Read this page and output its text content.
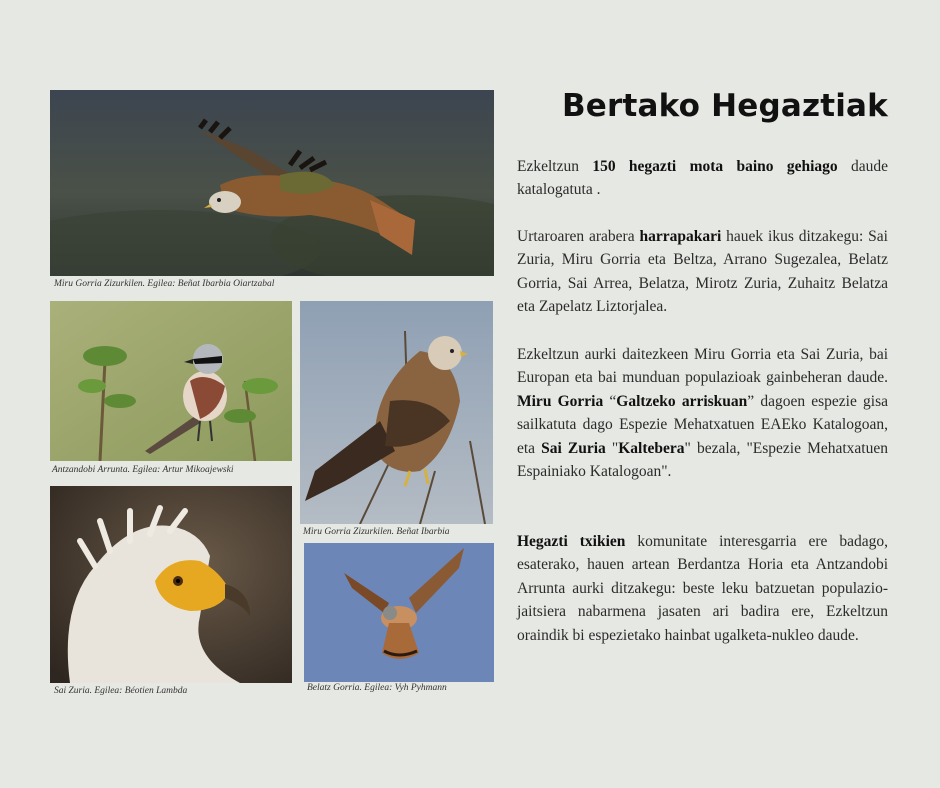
Miru Gorria Zizurkilen. Egilea: Beñat Ibarbia Oiartzabal
Antzandobi Arrunta. Egilea: Artur Mikoajewski
Miru Gorria Zizurkilen. Beñat Ibarbia
Sai Zuria. Egilea: Béotien Lambda	Belatz Gorria. Egilea: Vyh Pyhmann
Bertako Hegaztiak

Ezkeltzun 150 hegazti mota baino gehiago daude katalogatuta .

Urtaroaren arabera harrapakari hauek ikus ditzakegu: Sai Zuria, Miru Gorria eta Beltza, Arrano Sugezalea, Belatz Gorria, Sai Arrea, Belatza, Mirotz Zuria, Zuhaitz Belatza eta Zapelatz Liztorjalea.

Ezkeltzun aurki daitezkeen Miru Gorria eta Sai Zuria, bai Europan eta bai munduan populazioak gainbeheran daude. Miru Gorria “Galtzeko arriskuan” dagoen espezie gisa sailkatuta dago Espezie Mehatxatuen EAEko Katalogoan, eta Sai Zuria "Kaltebera" bezala, "Espezie Mehatxatuen Espainiako Katalogoan".

Hegazti txikien komunitate interesgarria ere badago, esaterako, hauen artean Berdantza Horia eta Antzandobi Arrunta aurki ditzakegu: beste leku batzuetan populazio-jaitsiera nabarmena jasaten ari badira ere, Ezkeltzun oraindik bi espezietako hainbat ugalketa-nukleo daude.
